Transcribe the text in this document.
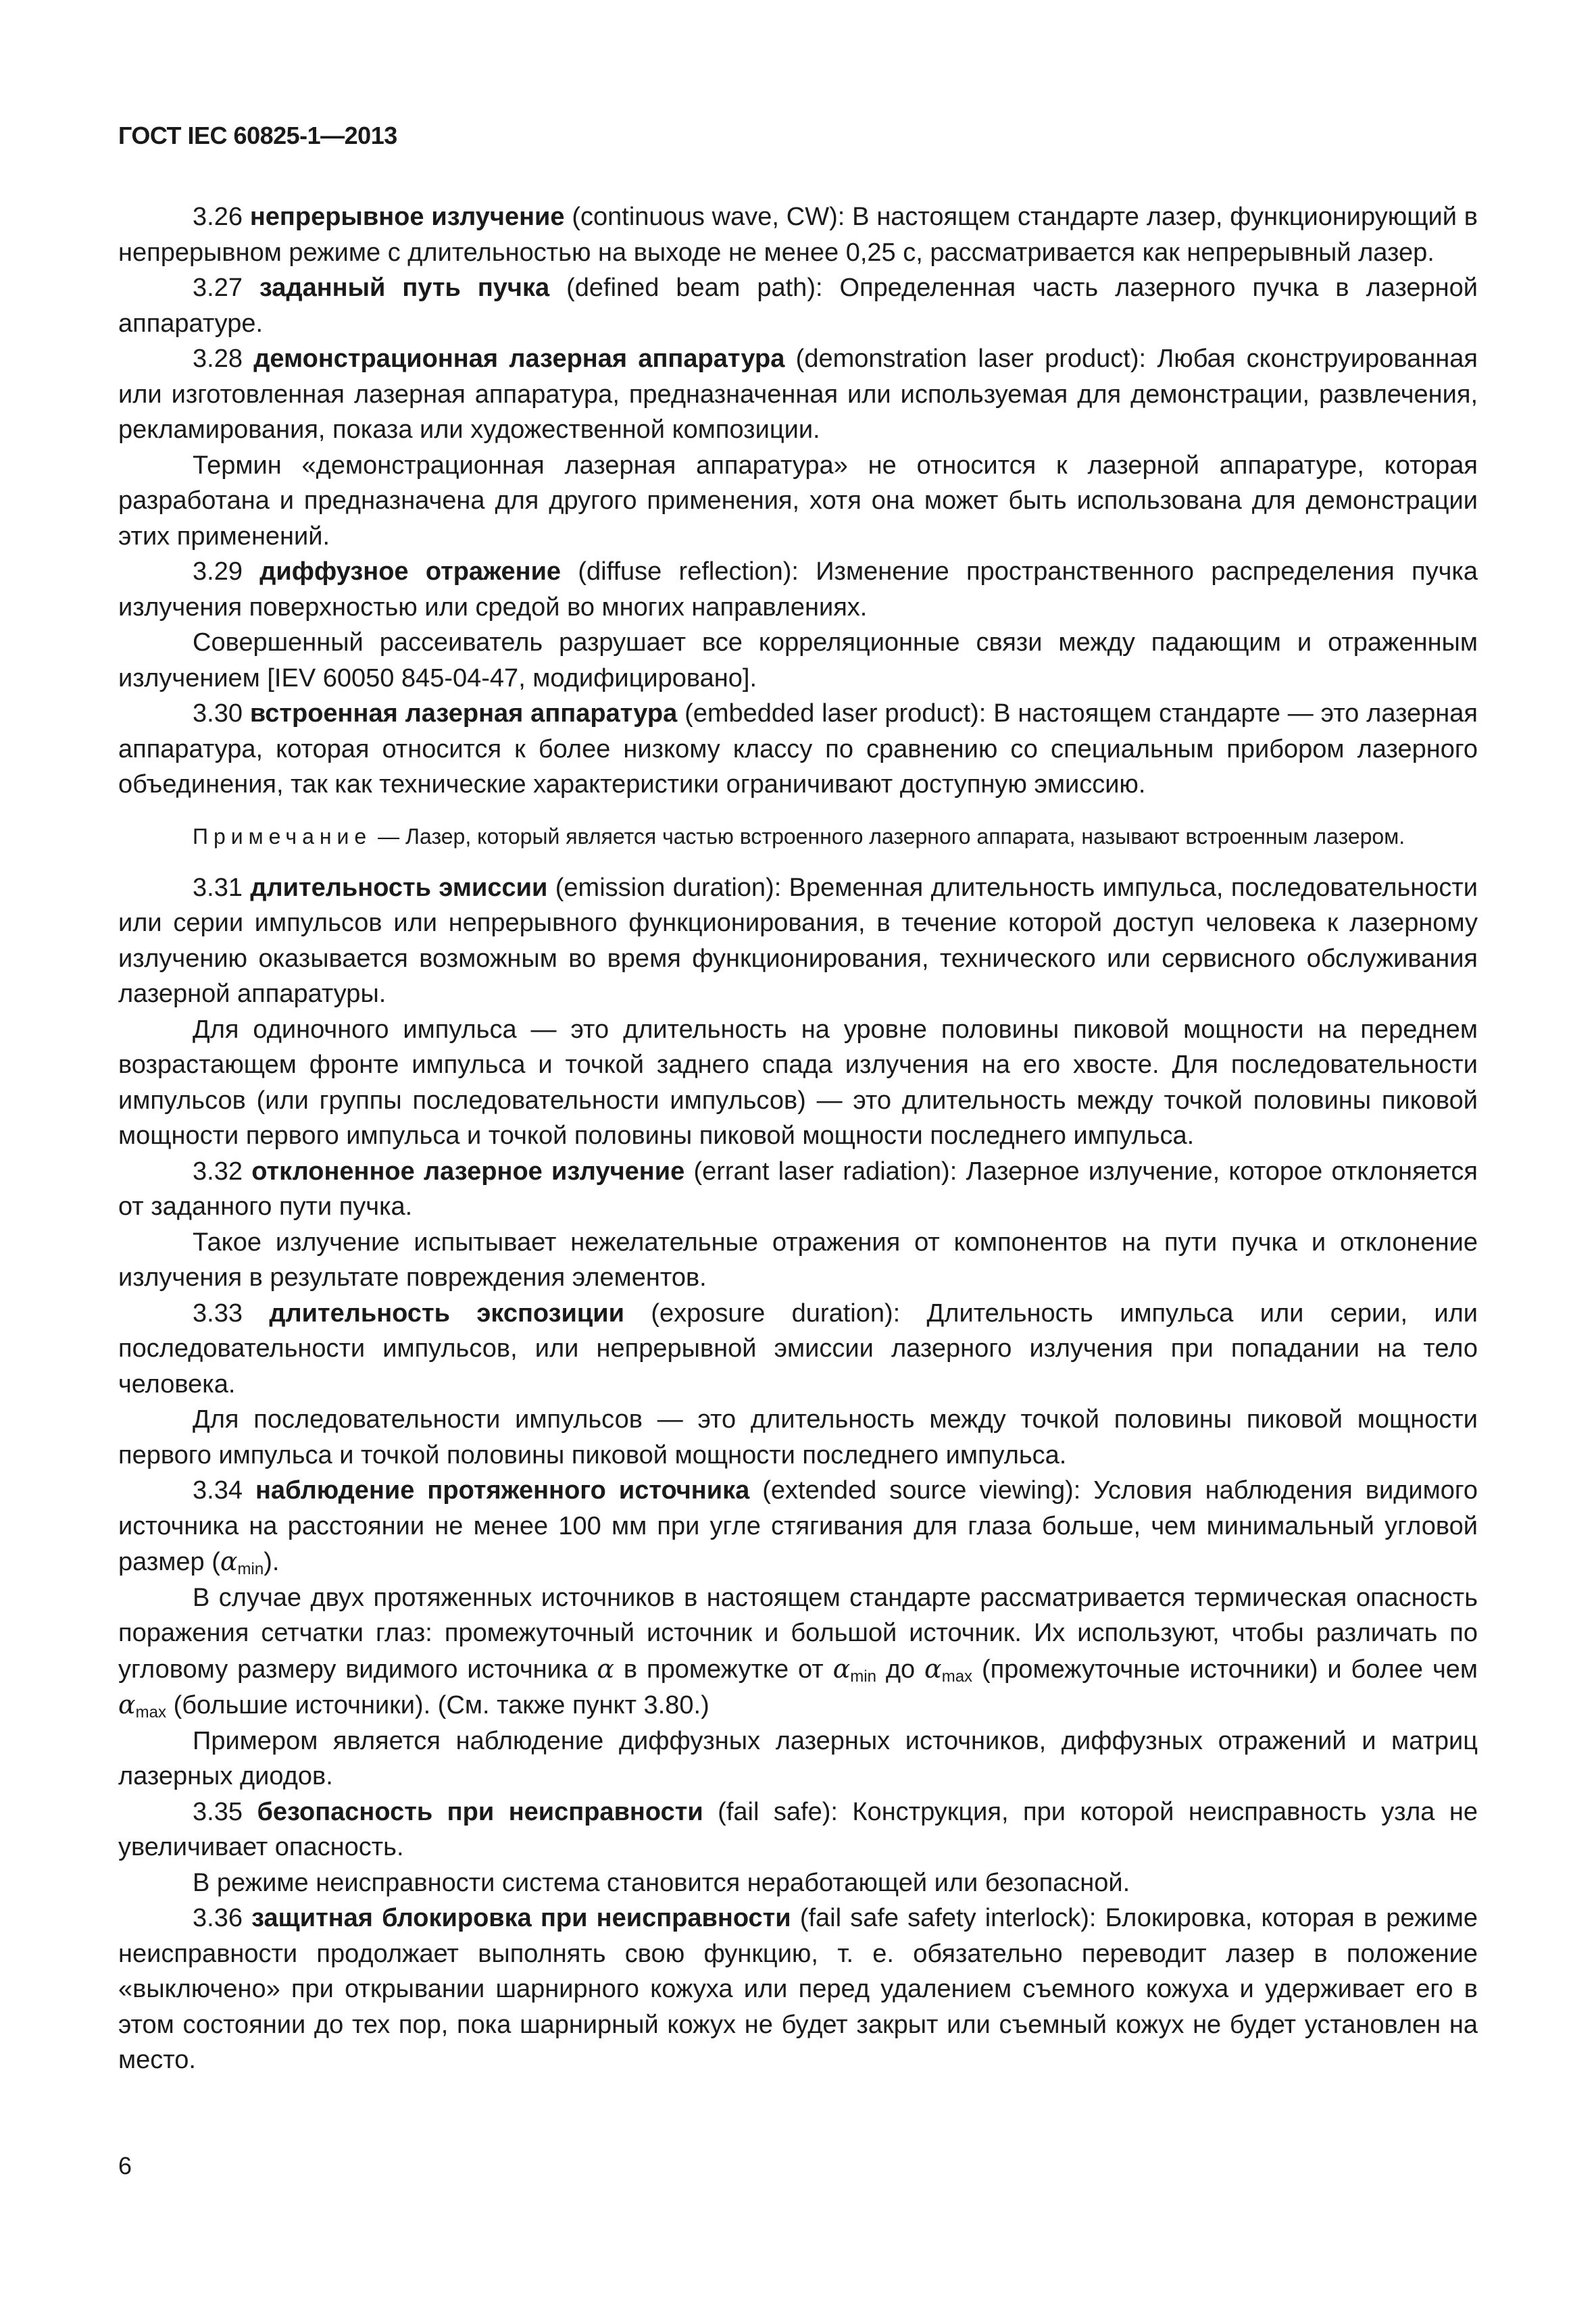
ГОСТ IEC 60825-1—2013

3.26 непрерывное излучение (continuous wave, CW): В настоящем стандарте лазер, функционирующий в непрерывном режиме с длительностью на выходе не менее 0,25 с, рассматривается как непрерывный лазер.

3.27 заданный путь пучка (defined beam path): Определенная часть лазерного пучка в лазерной аппаратуре.

3.28 демонстрационная лазерная аппаратура (demonstration laser product): Любая сконструированная или изготовленная лазерная аппаратура, предназначенная или используемая для демонстрации, развлечения, рекламирования, показа или художественной композиции.

Термин «демонстрационная лазерная аппаратура» не относится к лазерной аппаратуре, которая разработана и предназначена для другого применения, хотя она может быть использована для демонстрации этих применений.

3.29 диффузное отражение (diffuse reflection): Изменение пространственного распределения пучка излучения поверхностью или средой во многих направлениях.

Совершенный рассеиватель разрушает все корреляционные связи между падающим и отраженным излучением [IEV 60050 845-04-47, модифицировано].

3.30 встроенная лазерная аппаратура (embedded laser product): В настоящем стандарте — это лазерная аппаратура, которая относится к более низкому классу по сравнению со специальным прибором лазерного объединения, так как технические характеристики ограничивают доступную эмиссию.

Примечание — Лазер, который является частью встроенного лазерного аппарата, называют встроенным лазером.

3.31 длительность эмиссии (emission duration): Временная длительность импульса, последовательности или серии импульсов или непрерывного функционирования, в течение которой доступ человека к лазерному излучению оказывается возможным во время функционирования, технического или сервисного обслуживания лазерной аппаратуры.

Для одиночного импульса — это длительность на уровне половины пиковой мощности на переднем возрастающем фронте импульса и точкой заднего спада излучения на его хвосте. Для последовательности импульсов (или группы последовательности импульсов) — это длительность между точкой половины пиковой мощности первого импульса и точкой половины пиковой мощности последнего импульса.

3.32 отклоненное лазерное излучение (errant laser radiation): Лазерное излучение, которое отклоняется от заданного пути пучка.

Такое излучение испытывает нежелательные отражения от компонентов на пути пучка и отклонение излучения в результате повреждения элементов.

3.33 длительность экспозиции (exposure duration): Длительность импульса или серии, или последовательности импульсов, или непрерывной эмиссии лазерного излучения при попадании на тело человека.

Для последовательности импульсов — это длительность между точкой половины пиковой мощности первого импульса и точкой половины пиковой мощности последнего импульса.

3.34 наблюдение протяженного источника (extended source viewing): Условия наблюдения видимого источника на расстоянии не менее 100 мм при угле стягивания для глаза больше, чем минимальный угловой размер $(\alpha_{min})$.

В случае двух протяженных источников в настоящем стандарте рассматривается термическая опасность поражения сетчатки глаз: промежуточный источник и большой источник. Их используют, чтобы различать по угловому размеру видимого источника α в промежутке от $\alpha_{min}$ до $\alpha_{max}$ (промежуточные источники) и более чем $\alpha_{max}$ (большие источники). (См. также пункт 3.80.)

Примером является наблюдение диффузных лазерных источников, диффузных отражений и матриц лазерных диодов.

3.35 безопасность при неисправности (fail safe): Конструкция, при которой неисправность узла не увеличивает опасность.

В режиме неисправности система становится неработающей или безопасной.

3.36 защитная блокировка при неисправности (fail safe safety interlock): Блокировка, которая в режиме неисправности продолжает выполнять свою функцию, т. е. обязательно переводит лазер в положение «выключено» при открывании шарнирного кожуха или перед удалением съемного кожуха и удерживает его в этом состоянии до тех пор, пока шарнирный кожух не будет закрыт или съемный кожух не будет установлен на место.

6
